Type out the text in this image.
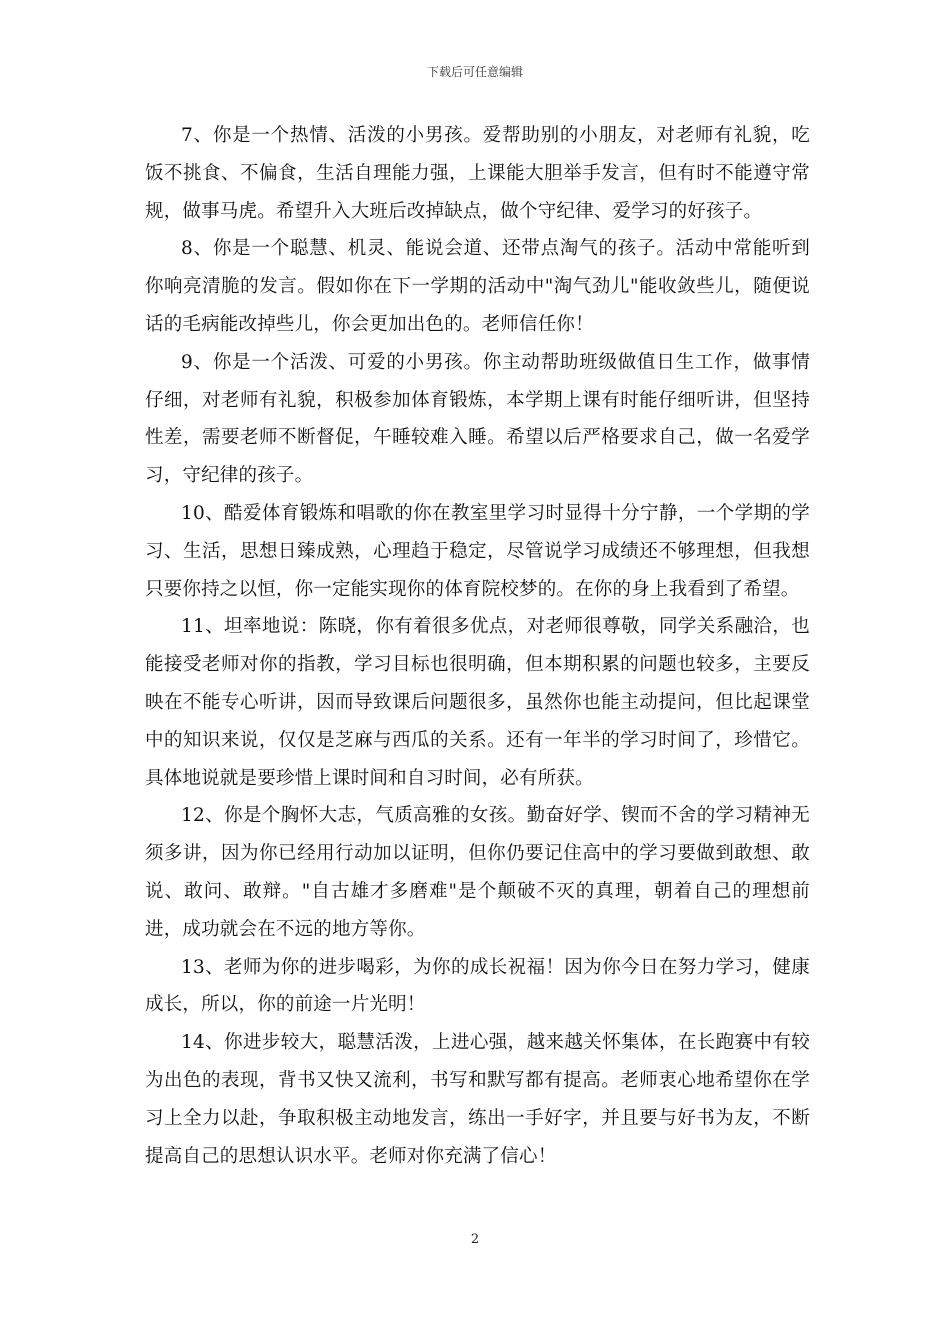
下载后可任意编辑

7、你是一个热情、活泼的小男孩。爱帮助别的小朋友，对老师有礼貌，吃饭不挑食、不偏食，生活自理能力强，上课能大胆举手发言，但有时不能遵守常规，做事马虎。希望升入大班后改掉缺点，做个守纪律、爱学习的好孩子。

8、你是一个聪慧、机灵、能说会道、还带点淘气的孩子。活动中常能听到你响亮清脆的发言。假如你在下一学期的活动中"淘气劲儿"能收敛些儿，随便说话的毛病能改掉些儿，你会更加出色的。老师信任你！

9、你是一个活泼、可爱的小男孩。你主动帮助班级做值日生工作，做事情仔细，对老师有礼貌，积极参加体育锻炼，本学期上课有时能仔细听讲，但坚持性差，需要老师不断督促，午睡较难入睡。希望以后严格要求自己，做一名爱学习，守纪律的孩子。

10、酷爱体育锻炼和唱歌的你在教室里学习时显得十分宁静，一个学期的学习、生活，思想日臻成熟，心理趋于稳定，尽管说学习成绩还不够理想，但我想只要你持之以恒，你一定能实现你的体育院校梦的。在你的身上我看到了希望。

11、坦率地说：陈晓，你有着很多优点，对老师很尊敬，同学关系融洽，也能接受老师对你的指教，学习目标也很明确，但本期积累的问题也较多，主要反映在不能专心听讲，因而导致课后问题很多，虽然你也能主动提问，但比起课堂中的知识来说，仅仅是芝麻与西瓜的关系。还有一年半的学习时间了，珍惜它。具体地说就是要珍惜上课时间和自习时间，必有所获。

12、你是个胸怀大志，气质高雅的女孩。勤奋好学、锲而不舍的学习精神无须多讲，因为你已经用行动加以证明，但你仍要记住高中的学习要做到敢想、敢说、敢问、敢辩。"自古雄才多磨难"是个颠破不灭的真理，朝着自己的理想前进，成功就会在不远的地方等你。

13、老师为你的进步喝彩，为你的成长祝福！因为你今日在努力学习，健康成长，所以，你的前途一片光明！

14、你进步较大，聪慧活泼，上进心强，越来越关怀集体，在长跑赛中有较为出色的表现，背书又快又流利，书写和默写都有提高。老师衷心地希望你在学习上全力以赴，争取积极主动地发言，练出一手好字，并且要与好书为友，不断提高自己的思想认识水平。老师对你充满了信心！

2
